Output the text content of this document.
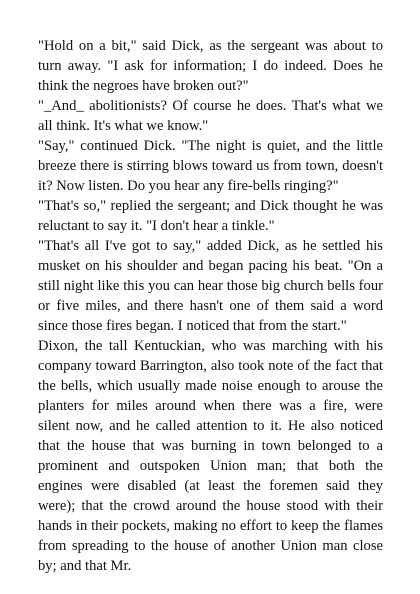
"Hold on a bit," said Dick, as the sergeant was about to turn away. "I ask for information; I do indeed. Does he think the negroes have broken out?"

"_And_ abolitionists? Of course he does. That's what we all think. It's what we know."

"Say," continued Dick. "The night is quiet, and the little breeze there is stirring blows toward us from town, doesn't it? Now listen. Do you hear any fire-bells ringing?"

"That's so," replied the sergeant; and Dick thought he was reluctant to say it. "I don't hear a tinkle."

"That's all I've got to say," added Dick, as he settled his musket on his shoulder and began pacing his beat. "On a still night like this you can hear those big church bells four or five miles, and there hasn't one of them said a word since those fires began. I noticed that from the start."

Dixon, the tall Kentuckian, who was marching with his company toward Barrington, also took note of the fact that the bells, which usually made noise enough to arouse the planters for miles around when there was a fire, were silent now, and he called attention to it. He also noticed that the house that was burning in town belonged to a prominent and outspoken Union man; that both the engines were disabled (at least the foremen said they were); that the crowd around the house stood with their hands in their pockets, making no effort to keep the flames from spreading to the house of another Union man close by; and that Mr.
